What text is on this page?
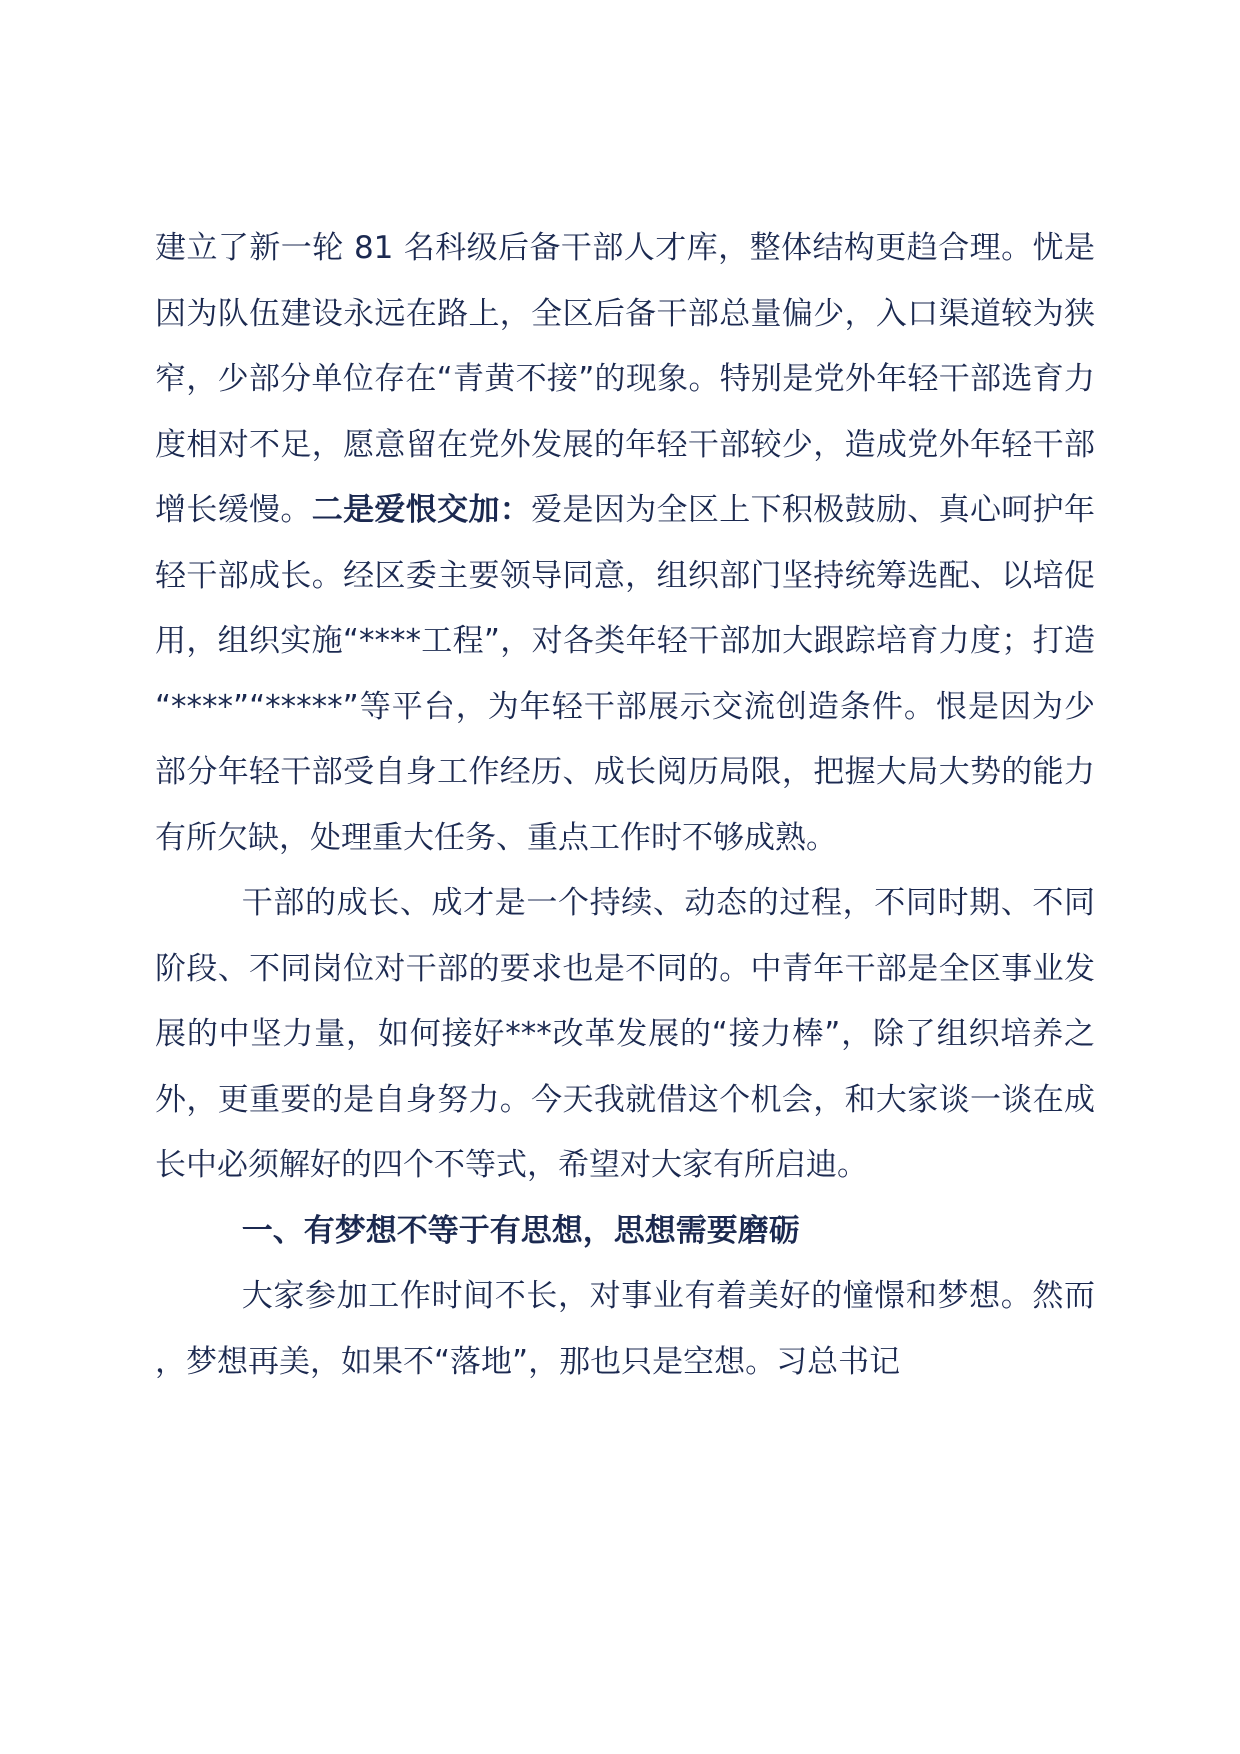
建立了新一轮 81 名科级后备干部人才库，整体结构更趋合理。忧是因为队伍建设永远在路上，全区后备干部总量偏少，入口渠道较为狭窄，少部分单位存在“青黄不接”的现象。特别是党外年轻干部选育力度相对不足，愿意留在党外发展的年轻干部较少，造成党外年轻干部增长缓慢。二是爱恨交加：爱是因为全区上下积极鼓励、真心呵护年轻干部成长。经区委主要领导同意，组织部门坚持统筹选配、以培促用，组织实施“****工程”，对各类年轻干部加大跟踪培育力度；打造“****”“*****”等平台，为年轻干部展示交流创造条件。恨是因为少部分年轻干部受自身工作经历、成长阅历局限，把握大局大势的能力有所欠缺，处理重大任务、重点工作时不够成熟。

干部的成长、成才是一个持续、动态的过程，不同时期、不同阶段、不同岗位对干部的要求也是不同的。中青年干部是全区事业发展的中坚力量，如何接好***改革发展的“接力棒”，除了组织培养之外，更重要的是自身努力。今天我就借这个机会，和大家谈一谈在成长中必须解好的四个不等式，希望对大家有所启迪。

一、有梦想不等于有思想，思想需要磨砺

大家参加工作时间不长，对事业有着美好的憧憬和梦想。然而，梦想再美，如果不“落地”，那也只是空想。习总书记
